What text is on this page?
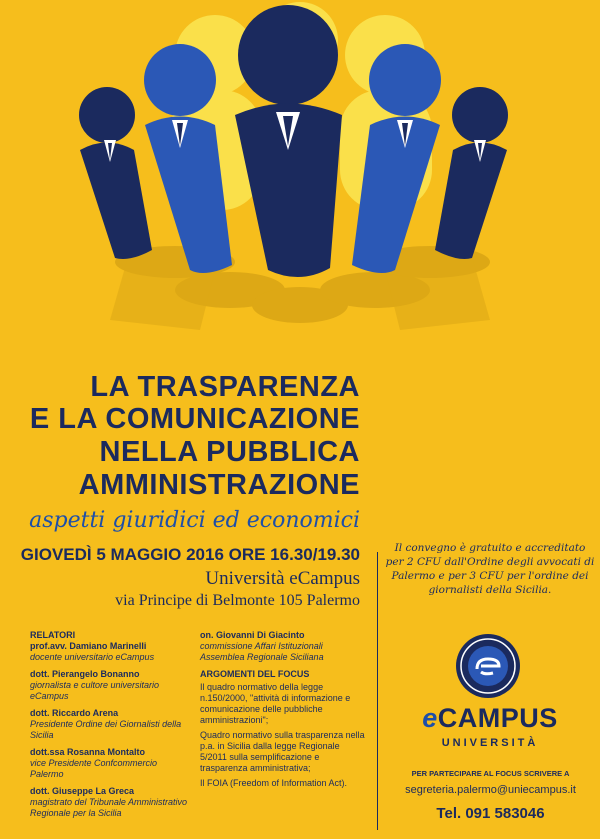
LA TRASPARENZA
E LA COMUNICAZIONE
NELLA PUBBLICA
AMMINISTRAZIONE
aspetti giuridici ed economici
GIOVEDÌ 5 MAGGIO 2016 ORE 16.30/19.30
Università eCampus
via Principe di Belmonte 105 Palermo
RELATORI
prof.avv. Damiano Marinelli
docente universitario eCampus
dott. Pierangelo Bonanno
giornalista e cultore universitario eCampus
dott. Riccardo Arena
Presidente Ordine dei Giornalisti della Sicilia
dott.ssa Rosanna Montalto
vice Presidente Confcommercio Palermo
dott. Giuseppe La Greca
magistrato del Tribunale Amministrativo Regionale per la Sicilia
on. Giovanni Di Giacinto
commissione Affari Istituzionali Assemblea Regionale Siciliana
ARGOMENTI DEL FOCUS
Il quadro normativo della legge n.150/2000, "attività di informazione e comunicazione delle pubbliche amministrazioni";
Quadro normativo sulla trasparenza nella p.a. in Sicilia dalla legge Regionale 5/2011 sulla semplificazione e trasparenza amministrativa;
Il FOIA (Freedom of Information Act).
Il convegno è gratuito e accreditato per 2 CFU dall'Ordine degli avvocati di Palermo e per 3 CFU per l'ordine dei giornalisti della Sicilia.
eCAMPUS
UNIVERSITÀ
PER PARTECIPARE AL FOCUS SCRIVERE A
segreteria.palermo@uniecampus.it
Tel. 091 583046
